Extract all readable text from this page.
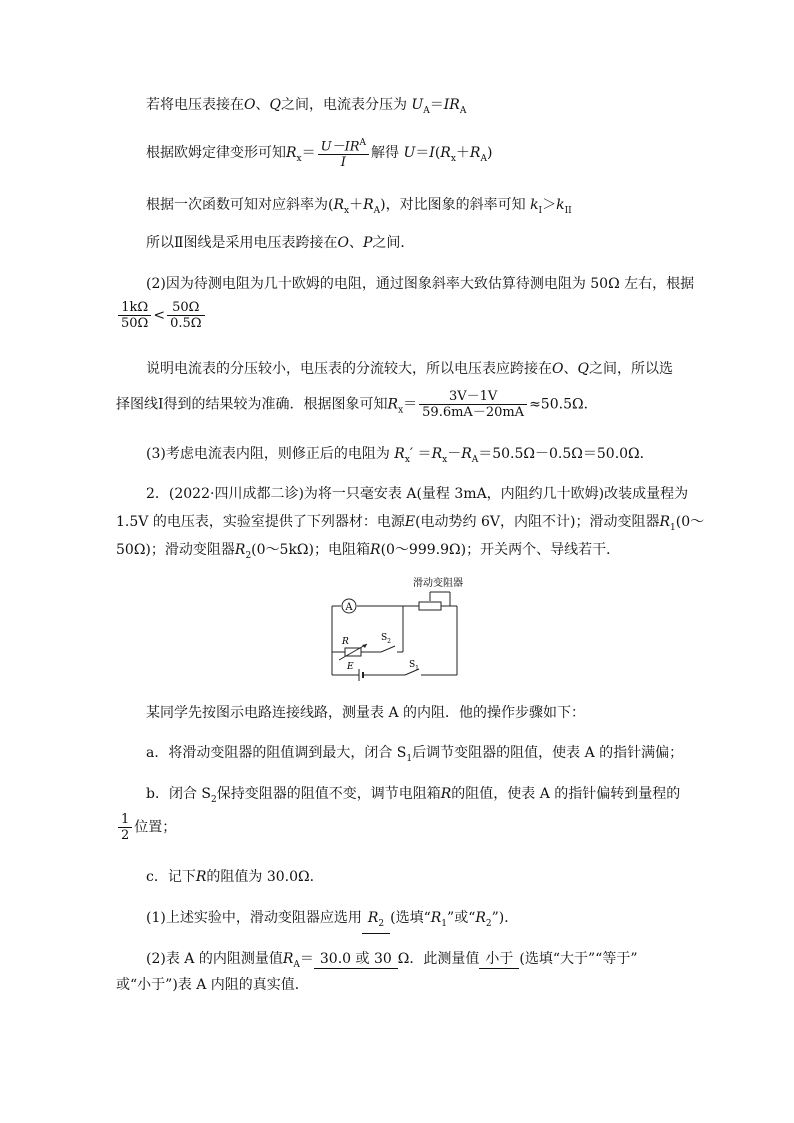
若将电压表接在O、Q之间，电流表分压为 $U_A=IR_A$
根据欧姆定律变形可知$R_x= \frac{U-IR^A}{I}$ 解得 $U=I(R_x+R_A)$
根据一次函数可知对应斜率为$(R_x+R_A)$，对比图象的斜率可知 $k_I>k_{II}$
所以Ⅱ图线是采用电压表跨接在O、P之间．
(2)因为待测电阻为几十欧姆的电阻，通过图象斜率大致估算待测电阻为 50Ω 左右，根据
$\frac{1k\Omega}{50\Omega} < \frac{50\Omega}{0.5\Omega}$
说明电流表的分压较小，电压表的分流较大，所以电压表应跨接在O、Q之间，所以选
择图线Ⅰ得到的结果较为准确．根据图象可知$R_x= \frac{3V-1V}{59.6mA-20mA} \approx 50.5\Omega$．
(3)考虑电流表内阻，则修正后的电阻为 $R_x' =R_x-R_A=50.5\Omega-0.5\Omega=50.0\Omega$．
2．(2022·四川成都二诊)为将一只毫安表 A(量程 3mA，内阻约几十欧姆)改装成量程为
1.5V 的电压表，实验室提供了下列器材：电源E(电动势约 6V，内阻不计)；滑动变阻器$R_1(0\sim$
50Ω)；滑动变阻器$R_2(0\sim 5k\Omega)$；电阻箱R(0～999.9Ω)；开关两个、导线若干．
A
滑动变阻器
R	$S_2$
E	$S_1$
某同学先按图示电路连接线路，测量表 A 的内阻．他的操作步骤如下：
a．将滑动变阻器的阻值调到最大，闭合 $S_1$后调节变阻器的阻值，使表 A 的指针满偏；
b．闭合 $S_2$保持变阻器的阻值不变，调节电阻箱R的阻值，使表 A 的指针偏转到量程的
$\frac{1}{2}$ 位置；
c．记下R的阻值为 30.0Ω．
(1)上述实验中，滑动变阻器应选用 $R_2$ (选填“$R_1$”或“$R_2$”)．
(2)表 A 的内阻测量值$R_A= 30.0$ 或 30 Ω．此测量值 小于 (选填“大于”“等于”
或“小于”)表 A 内阻的真实值．
